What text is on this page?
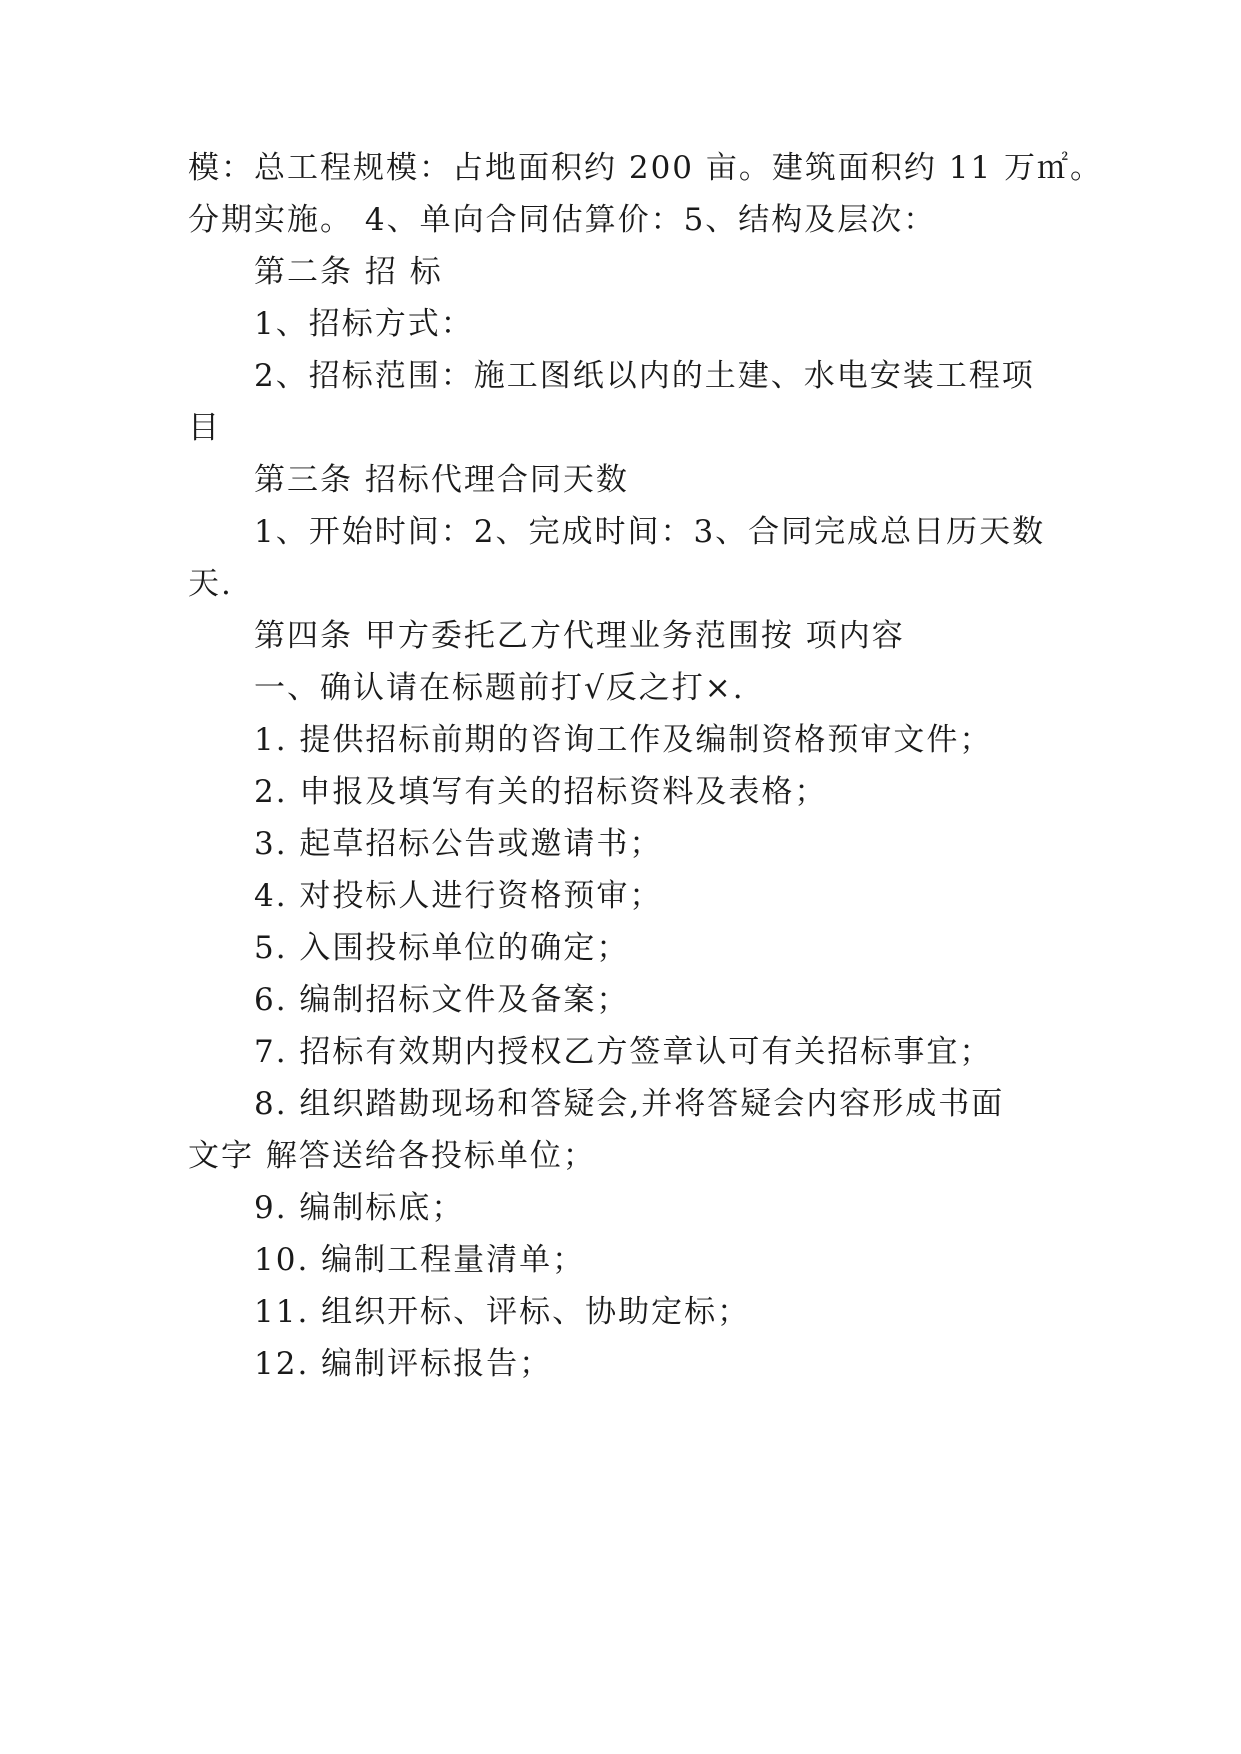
模：总工程规模：占地面积约 200 亩。建筑面积约 11 万㎡。
分期实施。 4、单向合同估算价：5、结构及层次：
第二条 招 标
1、招标方式：
2、招标范围：施工图纸以内的土建、水电安装工程项
目
第三条 招标代理合同天数
1、开始时间：2、完成时间：3、合同完成总日历天数
天.
第四条 甲方委托乙方代理业务范围按 项内容
一、确认请在标题前打√反之打×.
1. 提供招标前期的咨询工作及编制资格预审文件；
2. 申报及填写有关的招标资料及表格；
3. 起草招标公告或邀请书；
4. 对投标人进行资格预审；
5. 入围投标单位的确定；
6. 编制招标文件及备案；
7. 招标有效期内授权乙方签章认可有关招标事宜；
8. 组织踏勘现场和答疑会,并将答疑会内容形成书面
文字 解答送给各投标单位；
9. 编制标底；
10. 编制工程量清单；
11. 组织开标、评标、协助定标；
12. 编制评标报告；
